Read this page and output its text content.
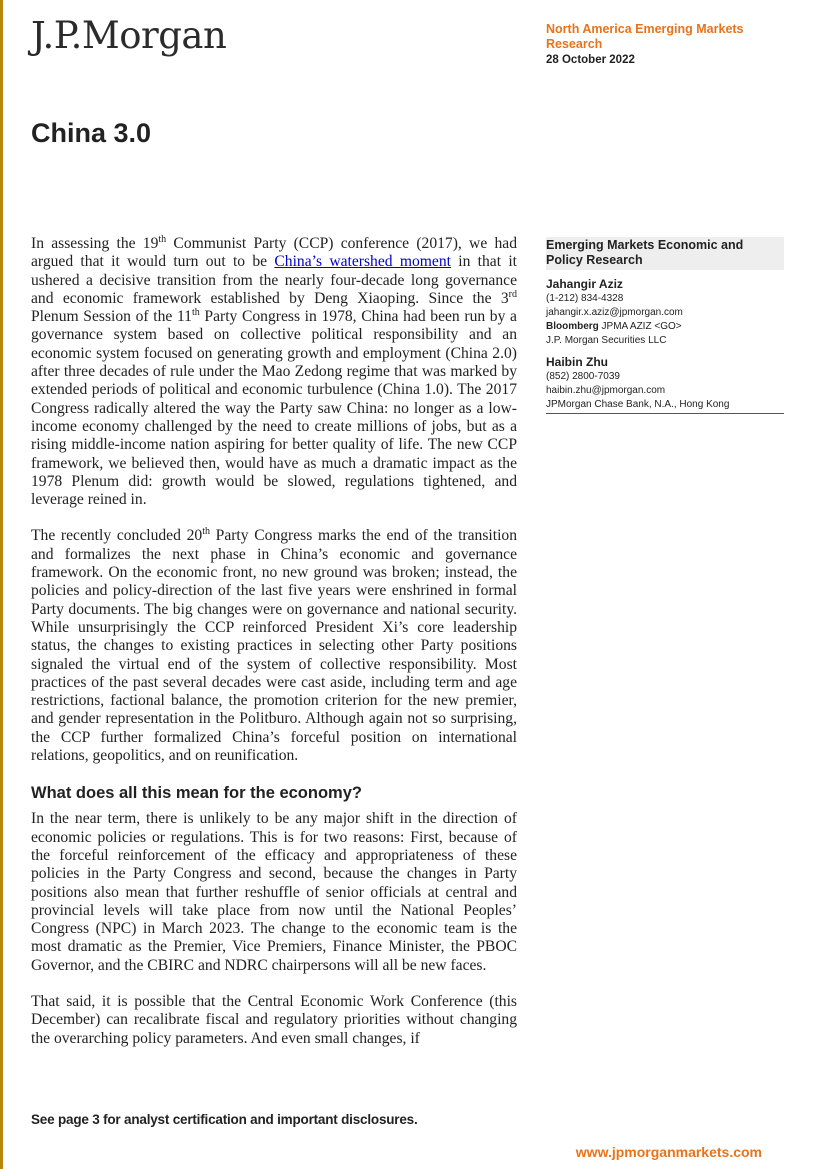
J.P.Morgan	North America Emerging Markets
Research
28 October 2022
China 3.0

In assessing the 19th Communist Party (CCP) conference (2017), we had argued that it would turn out to be China’s watershed moment in that it ushered a decisive transition from the nearly four-decade long governance and economic framework established by Deng Xiaoping. Since the 3rd Plenum Session of the 11th Party Congress in 1978, China had been run by a governance system based on collective political responsibility and an economic system focused on generating growth and employment (China 2.0) after three decades of rule under the Mao Zedong regime that was marked by extended periods of political and economic turbulence (China 1.0). The 2017 Congress radically altered the way the Party saw China: no longer as a low-income economy challenged by the need to create millions of jobs, but as a rising middle-income nation aspiring for better quality of life. The new CCP framework, we believed then, would have as much a dramatic impact as the 1978 Plenum did: growth would be slowed, regulations tightened, and leverage reined in.

The recently concluded 20th Party Congress marks the end of the transition and formalizes the next phase in China’s economic and governance framework. On the economic front, no new ground was broken; instead, the policies and policy-direction of the last five years were enshrined in formal Party documents. The big changes were on governance and national security. While unsurprisingly the CCP reinforced President Xi’s core leadership status, the changes to existing practices in selecting other Party positions signaled the virtual end of the system of collective responsibility. Most practices of the past several decades were cast aside, including term and age restrictions, factional balance, the promotion criterion for the new premier, and gender representation in the Politburo. Although again not so surprising, the CCP further formalized China’s forceful position on international relations, geopolitics, and on reunification.

What does all this mean for the economy?

In the near term, there is unlikely to be any major shift in the direction of economic policies or regulations. This is for two reasons: First, because of the forceful reinforcement of the efficacy and appropriateness of these policies in the Party Congress and second, because the changes in Party positions also mean that further reshuffle of senior officials at central and provincial levels will take place from now until the National Peoples’ Congress (NPC) in March 2023. The change to the economic team is the most dramatic as the Premier, Vice Premiers, Finance Minister, the PBOC Governor, and the CBIRC and NDRC chairpersons will all be new faces.

That said, it is possible that the Central Economic Work Conference (this December) can recalibrate fiscal and regulatory priorities without changing the overarching policy parameters. And even small changes, if

Emerging Markets Economic and Policy Research
Jahangir Aziz
(1-212) 834-4328
jahangir.x.aziz@jpmorgan.com
Bloomberg JPMA AZIZ <GO>
J.P. Morgan Securities LLC
Haibin Zhu
(852) 2800-7039
haibin.zhu@jpmorgan.com
JPMorgan Chase Bank, N.A., Hong Kong
See page 3 for analyst certification and important disclosures.
www.jpmorganmarkets.com
